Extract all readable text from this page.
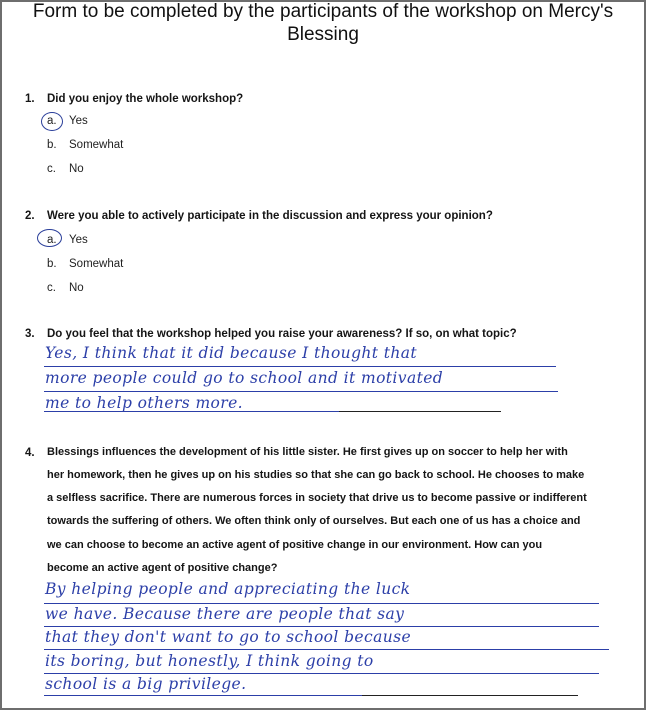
Form to be completed by the participants of the workshop on Mercy's
Blessing
1. Did you enjoy the whole workshop?
a. Yes
b. Somewhat
c. No
2. Were you able to actively participate in the discussion and express your opinion?
a. Yes
b. Somewhat
c. No
3. Do you feel that the workshop helped you raise your awareness? If so, on what topic?
Yes, I think that it did because I thought that
more people could go to school and it motivated
me to help others more.
4. Blessings influences the development of his little sister. He first gives up on soccer to help her with
her homework, then he gives up on his studies so that she can go back to school. He chooses to make
a selfless sacrifice. There are numerous forces in society that drive us to become passive or indifferent
towards the suffering of others. We often think only of ourselves. But each one of us has a choice and
we can choose to become an active agent of positive change in our environment. How can you
become an active agent of positive change?
By helping people and appreciating the luck
we have. Because there are people that say
that they don't want to go to school because
its boring, but honestly, I think going to
school is a big privilege.
